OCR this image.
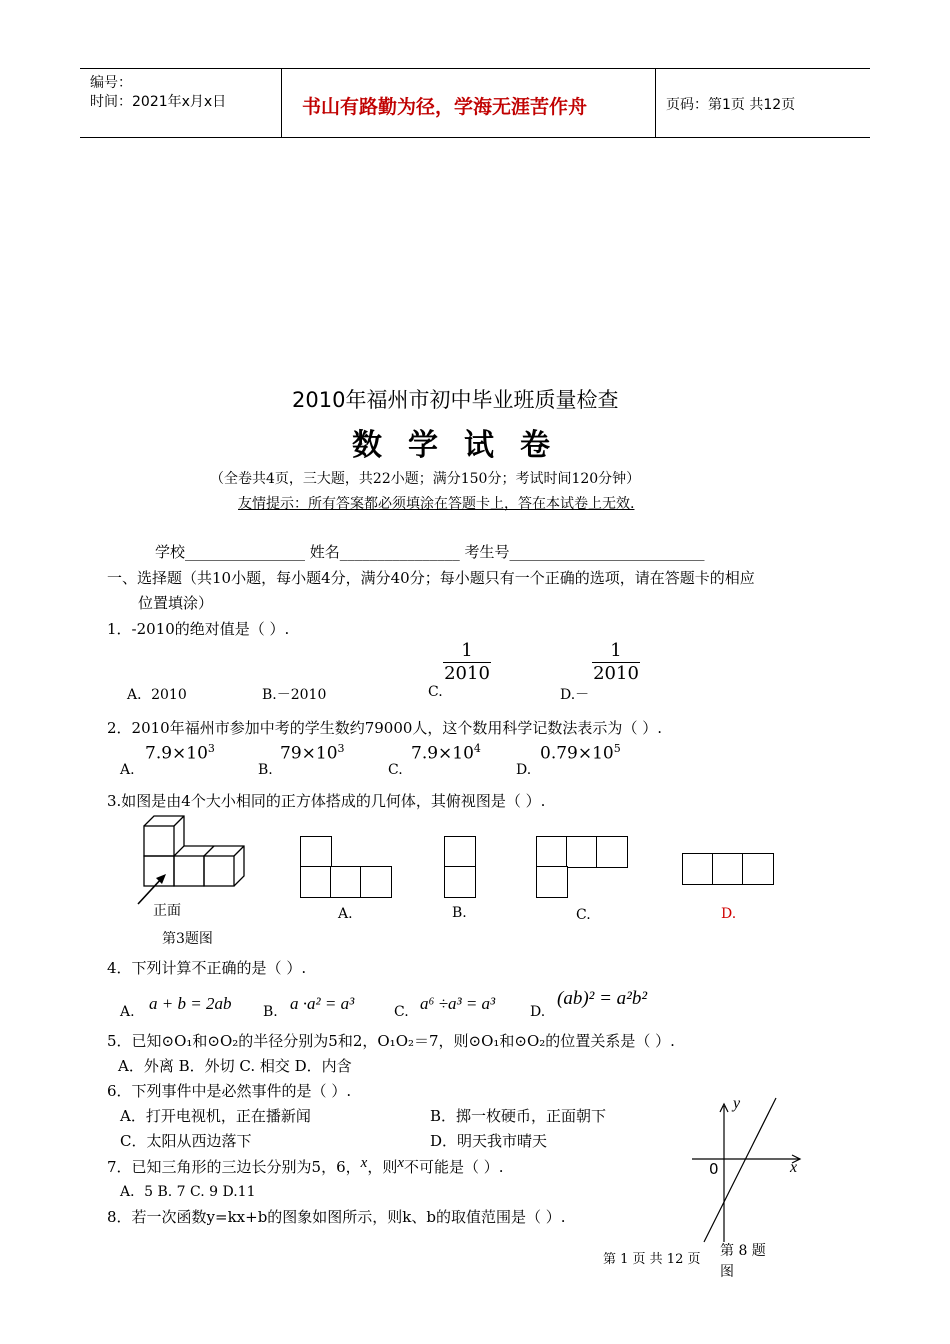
编号：
时间：2021年x月x日	书山有路勤为径，学海无涯苦作舟	页码：第1页 共12页
2010年福州市初中毕业班质量检查
数学试卷
（全卷共4页，三大题，共22小题；满分150分；考试时间120分钟）
友情提示：所有答案都必须填涂在答题卡上，答在本试卷上无效.
学校________________ 姓名________________ 考生号__________________________
一、选择题（共10小题，每小题4分，满分40分；每小题只有一个正确的选项，请在答题卡的相应
位置填涂）
1．-2010的绝对值是（ ）.
A．2010	B.－2010	C.
$\frac{1}{2010}$
D.－
$\frac{1}{2010}$
2．2010年福州市参加中考的学生数约79000人，这个数用科学记数法表示为（ ）.
A.
$7.9\times 10^3$
B.
$79\times 10^3$
C.
$7.9\times 10^4$
D.
$0.79\times 10^5$
3.如图是由4个大小相同的正方体搭成的几何体，其俯视图是（ ）.
正面
第3题图
A.	B.	C.	D.
4．下列计算不正确的是（ ）.
A. a + b = 2ab B. a ·a² = a³	C. a⁶ ÷a³ = a³ D.
(ab)² = a²b²
5．已知⊙O₁和⊙O₂的半径分别为5和2，O₁O₂＝7，则⊙O₁和⊙O₂的位置关系是（ ）.
A．外离 B．外切 C. 相交 D．内含
6．下列事件中是必然事件的是（ ）.
A．打开电视机，正在播新闻	B．掷一枚硬币，正面朝下
C．太阳从西边落下	D．明天我市晴天
7．已知三角形的三边长分别为5，6，x，则x不可能是（ ）.
A．5 B. 7 C. 9 D.11
8．若一次函数y=kx+b的图象如图所示，则k、b的取值范围是（ ）.
y
x
0
第 8 题
图
第 1 页 共 12 页
